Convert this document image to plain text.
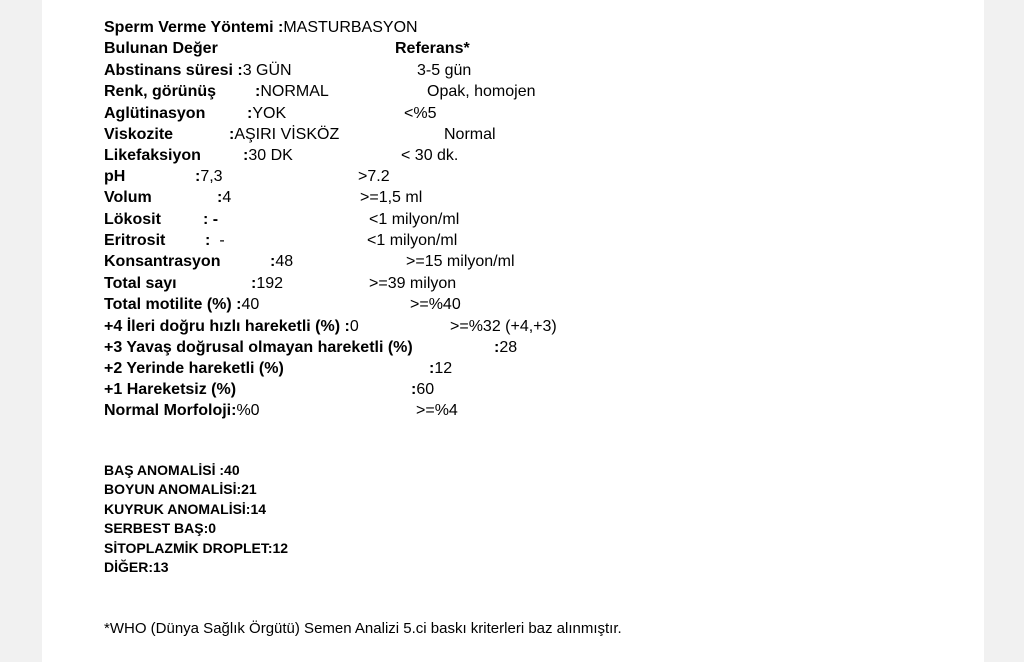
Sperm Verme Yöntemi :MASTURBASYON
Bulunan Değer	Referans*
Abstinans süresi :3 GÜN	3-5 gün
Renk, görünüş :NORMAL	Opak, homojen
Aglütinasyon	:YOK	<%5
Viskozite	:AŞIRI VİSKÖZ	Normal
Likefaksiyon	:30 DK	< 30 dk.
pH	:7,3	>7.2
Volum	:4	>=1,5 ml
Lökosit	: -	<1 milyon/ml
Eritrosit : -	<1 milyon/ml
Konsantrasyon	:48	>=15 milyon/ml
Total sayı	:192	>=39 milyon
Total motilite (%) :40	>=%40
+4 İleri doğru hızlı hareketli (%) :0	>=%32 (+4,+3)
+3 Yavaş doğrusal olmayan hareketli (%)	:28
+2 Yerinde hareketli (%)	:12
+1 Hareketsiz (%)	:60
Normal Morfoloji:%0	>=%4
BAŞ ANOMALİSİ :40
BOYUN ANOMALİSİ:21
KUYRUK ANOMALİSİ:14
SERBEST BAŞ:0
SİTOPLAZMİK DROPLET:12
DİĞER:13
*WHO (Dünya Sağlık Örgütü) Semen Analizi 5.ci baskı kriterleri baz alınmıştır.
